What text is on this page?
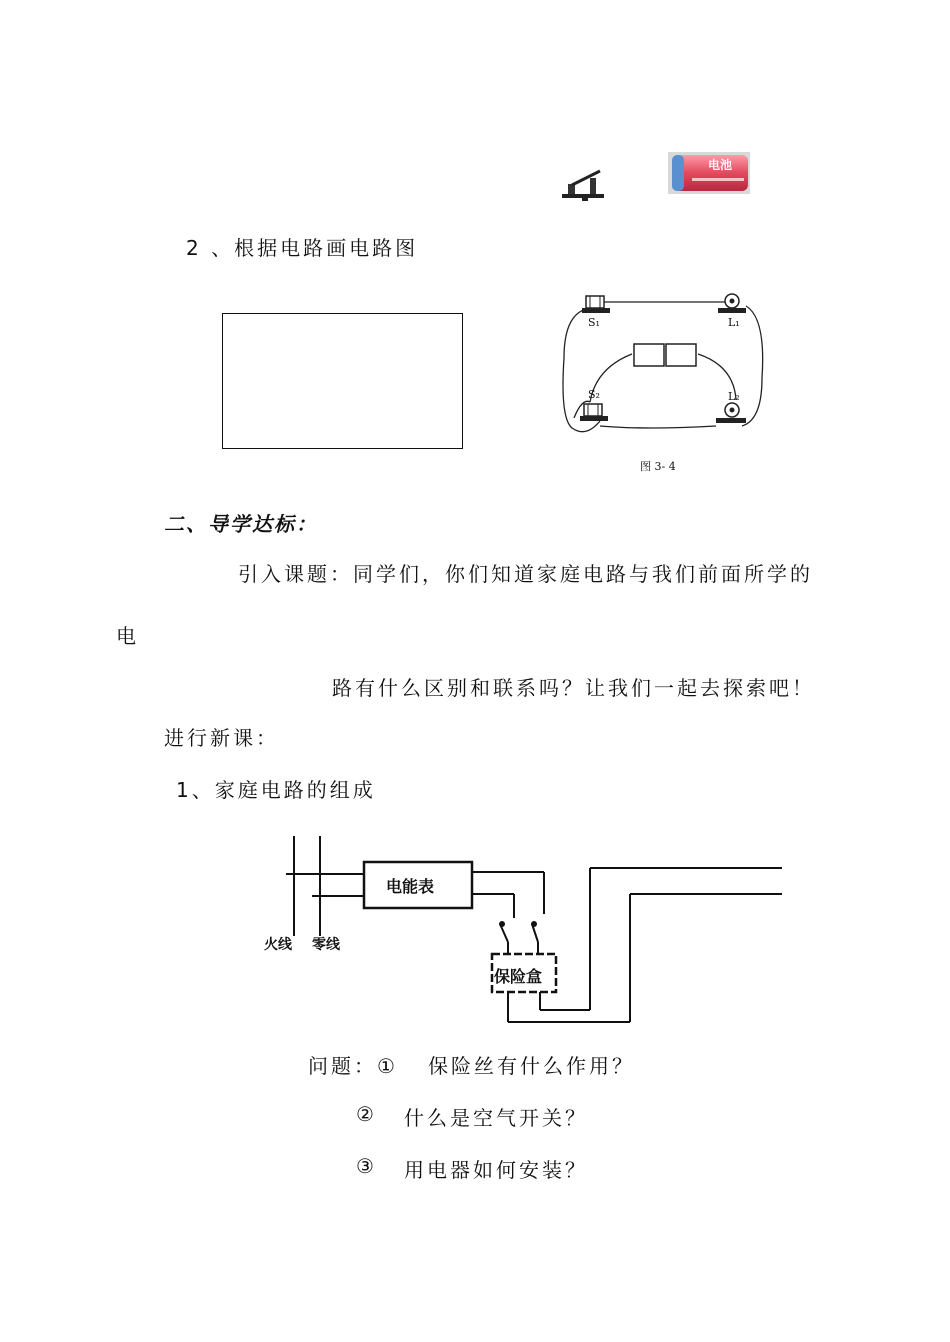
电池
2 、根据电路画电路图
S₁	L₁
S₂	L₂
图 3- 4
二、导学达标：
引入课题：同学们，你们知道家庭电路与我们前面所学的
电
路有什么区别和联系吗？让我们一起去探索吧！
进行新课：
1、家庭电路的组成
电能表
保险盒
火线 零线
问题：① 保险丝有什么作用？
② 什么是空气开关？
③ 用电器如何安装？
